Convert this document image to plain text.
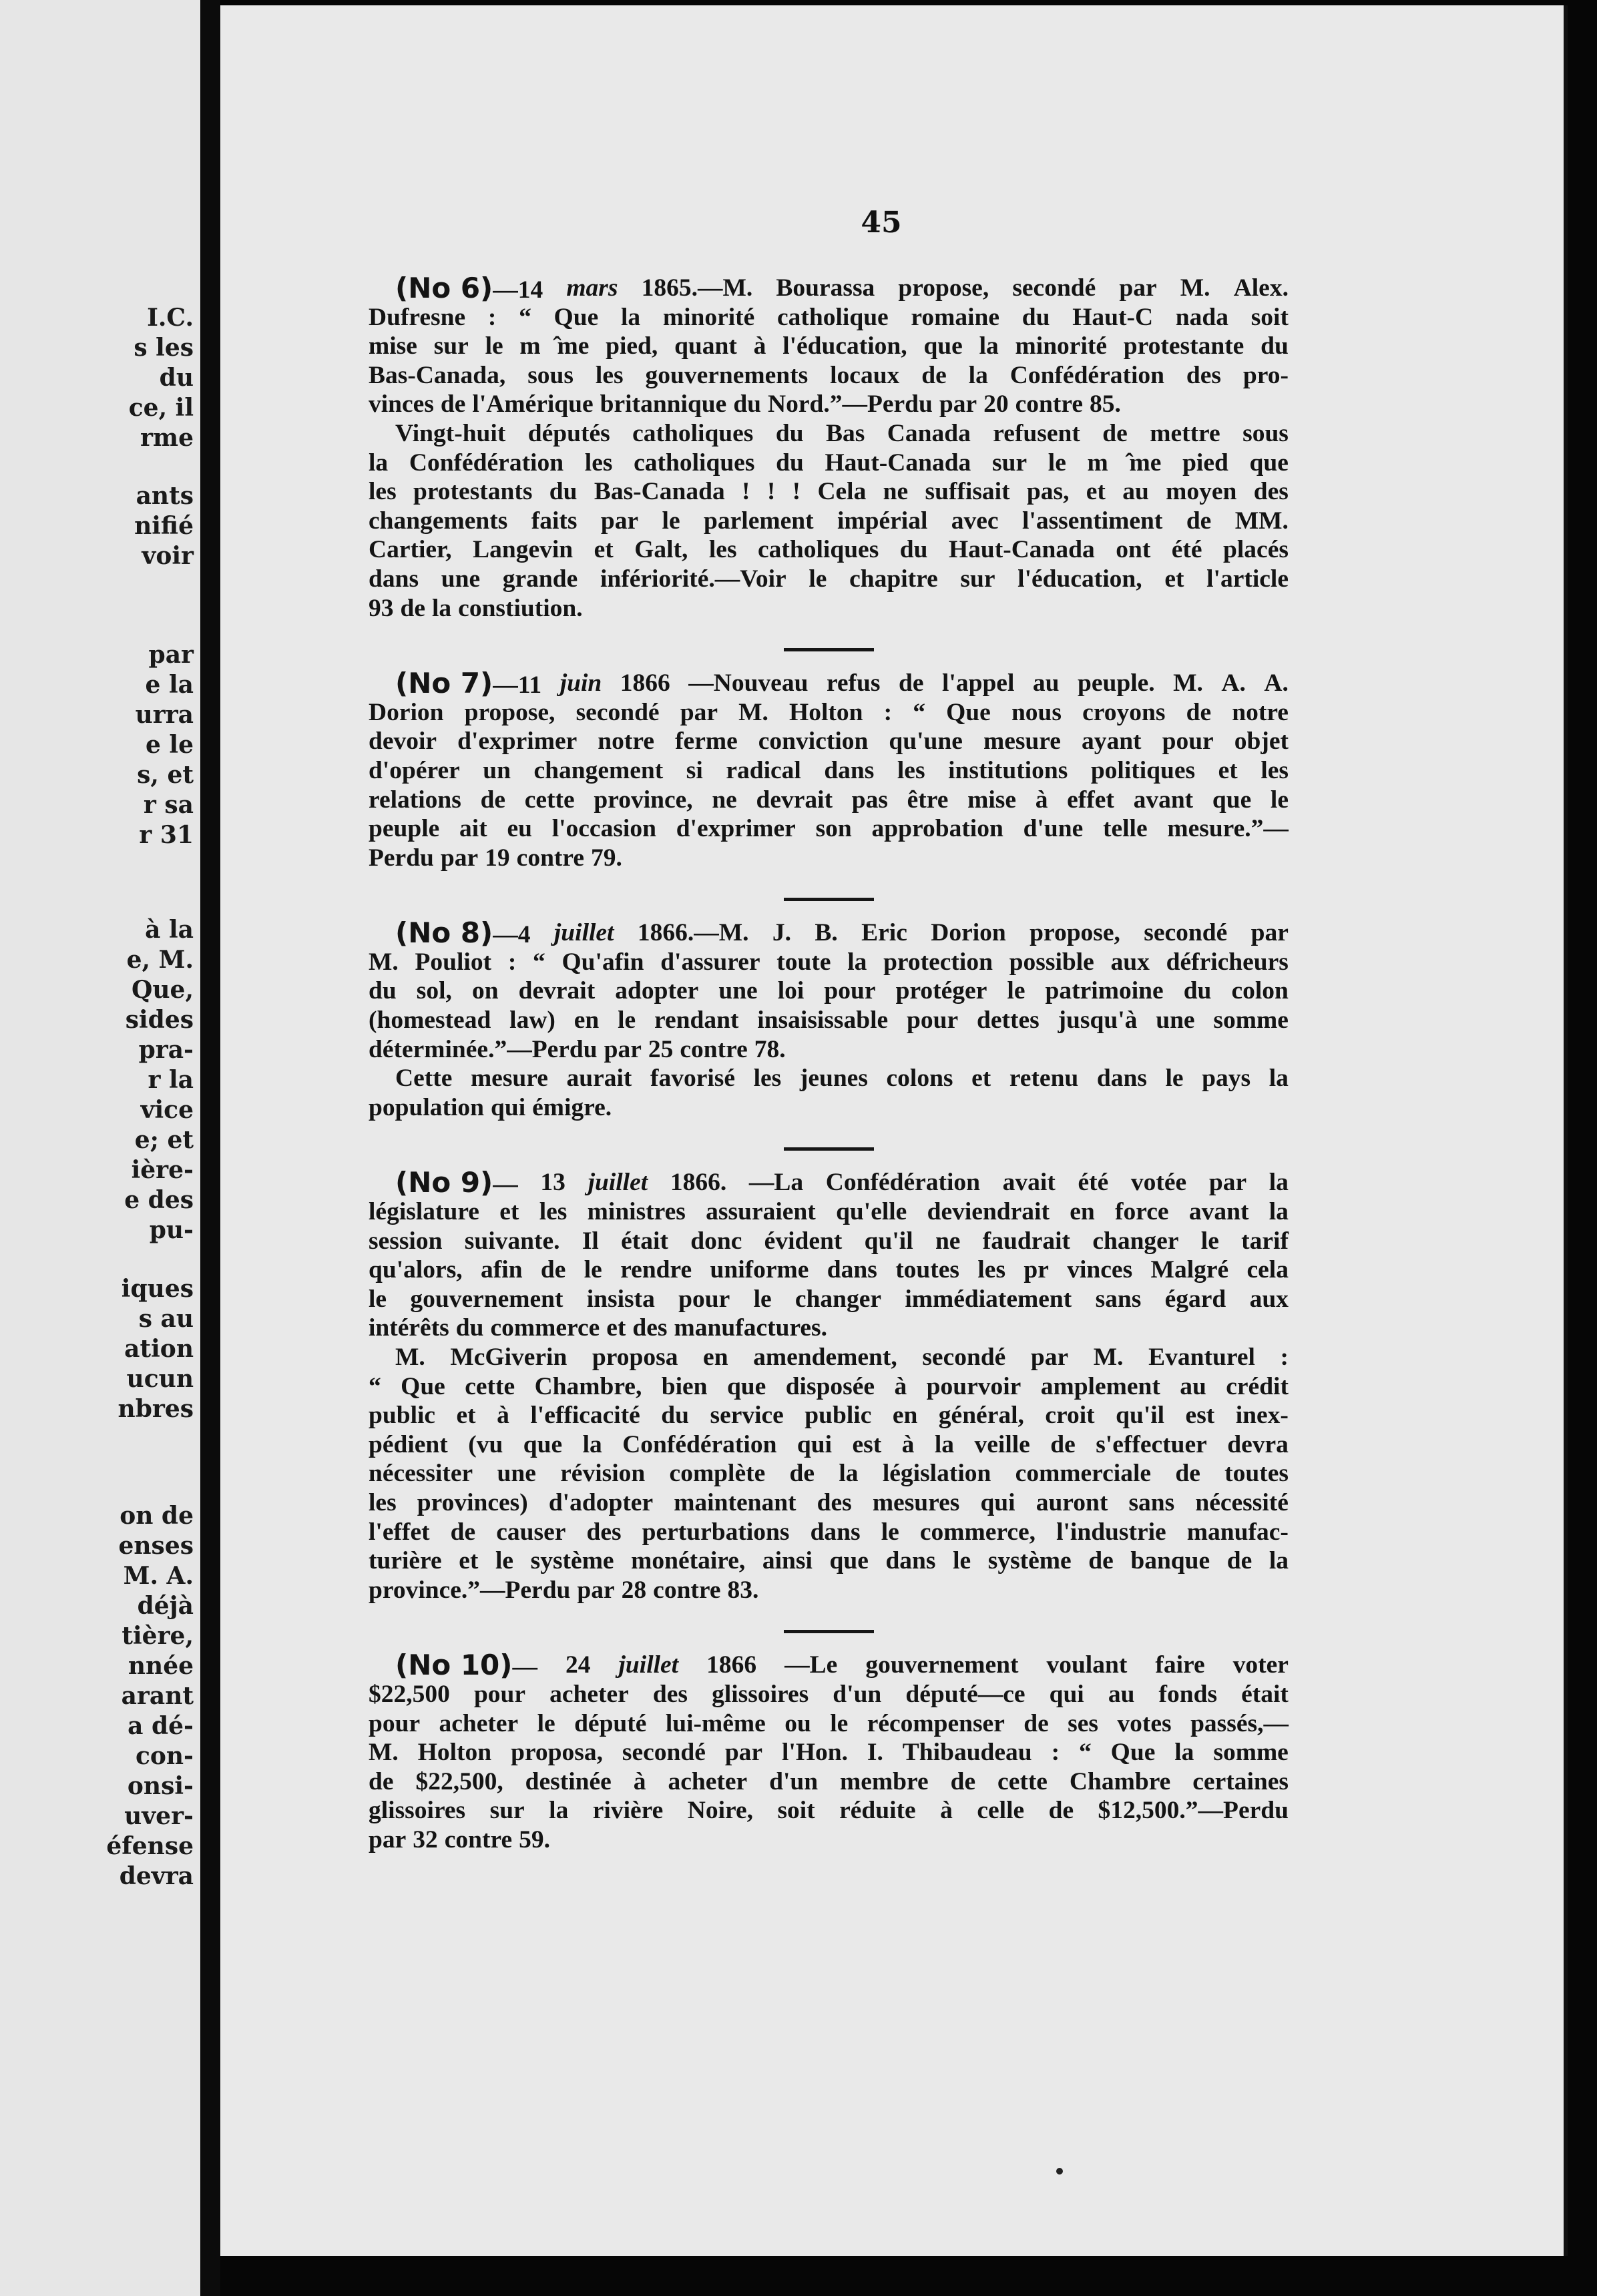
I.C.
s les
du
ce, il
rme
ants
nifié
voir
par
e la
urra
e le
s, et
r sa
r 31
à la
e, M.
Que,
sides
pra-
r la
vice
e; et
ière-
e des
pu-
iques
s au
ation
ucun
nbres
on de
enses
M. A.
déjà
tière,
nnée
arant
a dé-
con-
onsi-
uver-
éfense
devra
45
(No 6)—14 mars 1865.—M. Bourassa propose, secondé par M. Alex.
Dufresne : “ Que la minorité catholique romaine du Haut-C nada soit
mise sur le m ̂me pied, quant à l'éducation, que la minorité protestante du
Bas-Canada, sous les gouvernements locaux de la Confédération des pro-
vinces de l'Amérique britannique du Nord.”—Perdu par 20 contre 85.
Vingt-huit députés catholiques du Bas Canada refusent de mettre sous
la Confédération les catholiques du Haut-Canada sur le m ̂me pied que
les protestants du Bas-Canada ! ! ! Cela ne suffisait pas, et au moyen des
changements faits par le parlement impérial avec l'assentiment de MM.
Cartier, Langevin et Galt, les catholiques du Haut-Canada ont été placés
dans une grande infériorité.—Voir le chapitre sur l'éducation, et l'article
93 de la constiution.
(No 7)—11 juin 1866 —Nouveau refus de l'appel au peuple. M. A. A.
Dorion propose, secondé par M. Holton : “ Que nous croyons de notre
devoir d'exprimer notre ferme conviction qu'une mesure ayant pour objet
d'opérer un changement si radical dans les institutions politiques et les
relations de cette province, ne devrait pas être mise à effet avant que le
peuple ait eu l'occasion d'exprimer son approbation d'une telle mesure.”—
Perdu par 19 contre 79.
(No 8)—4 juillet 1866.—M. J. B. Eric Dorion propose, secondé par
M. Pouliot : “ Qu'afin d'assurer toute la protection possible aux défricheurs
du sol, on devrait adopter une loi pour protéger le patrimoine du colon
(homestead law) en le rendant insaisissable pour dettes jusqu'à une somme
déterminée.”—Perdu par 25 contre 78.
Cette mesure aurait favorisé les jeunes colons et retenu dans le pays la
population qui émigre.
(No 9)— 13 juillet 1866. —La Confédération avait été votée par la
législature et les ministres assuraient qu'elle deviendrait en force avant la
session suivante. Il était donc évident qu'il ne faudrait changer le tarif
qu'alors, afin de le rendre uniforme dans toutes les pr vinces Malgré cela
le gouvernement insista pour le changer immédiatement sans égard aux
intérêts du commerce et des manufactures.
M. McGiverin proposa en amendement, secondé par M. Evanturel :
“ Que cette Chambre, bien que disposée à pourvoir amplement au crédit
public et à l'efficacité du service public en général, croit qu'il est inex-
pédient (vu que la Confédération qui est à la veille de s'effectuer devra
nécessiter une révision complète de la législation commerciale de toutes
les provinces) d'adopter maintenant des mesures qui auront sans nécessité
l'effet de causer des perturbations dans le commerce, l'industrie manufac-
turière et le système monétaire, ainsi que dans le système de banque de la
province.”—Perdu par 28 contre 83.
(No 10)— 24 juillet 1866 —Le gouvernement voulant faire voter
$22,500 pour acheter des glissoires d'un député—ce qui au fonds était
pour acheter le député lui-même ou le récompenser de ses votes passés,—
M. Holton proposa, secondé par l'Hon. I. Thibaudeau : “ Que la somme
de $22,500, destinée à acheter d'un membre de cette Chambre certaines
glissoires sur la rivière Noire, soit réduite à celle de $12,500.”—Perdu
par 32 contre 59.
